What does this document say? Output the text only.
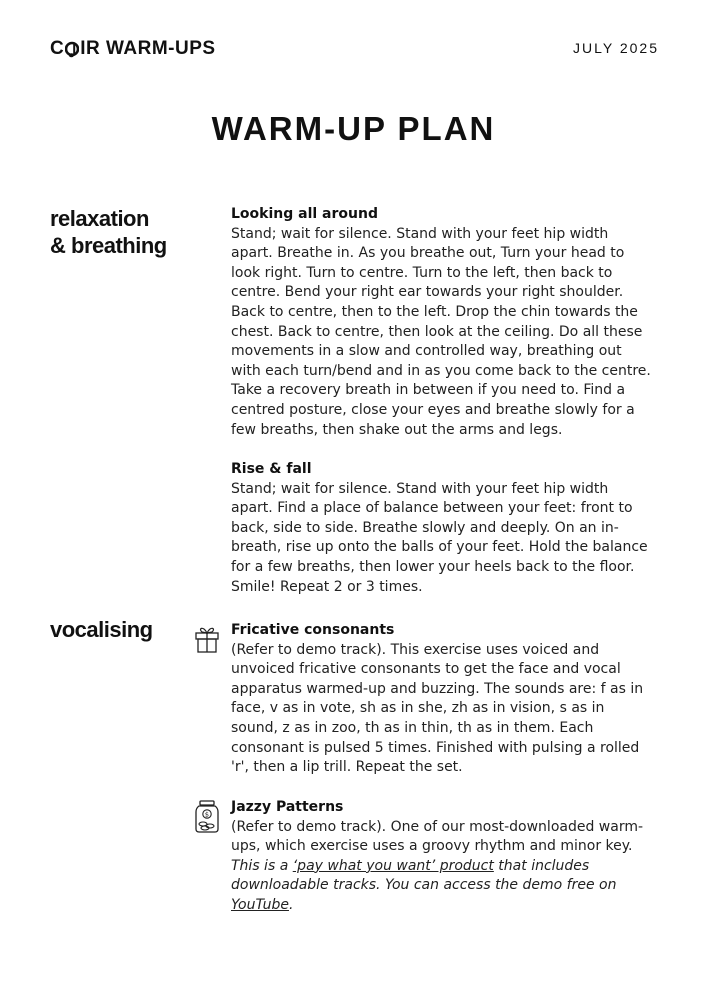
C IR WARM-UPS	JULY 2025
WARM-UP PLAN
relaxation
& breathing
Looking all around
Stand; wait for silence. Stand with your feet hip width apart. Breathe in. As you breathe out, Turn your head to look right. Turn to centre. Turn to the left, then back to centre. Bend your right ear towards your right shoulder. Back to centre, then to the left. Drop the chin towards the chest. Back to centre, then look at the ceiling. Do all these movements in a slow and controlled way, breathing out with each turn/bend and in as you come back to the centre. Take a recovery breath in between if you need to. Find a centred posture, close your eyes and breathe slowly for a few breaths, then shake out the arms and legs.
Rise & fall
Stand; wait for silence. Stand with your feet hip width apart. Find a place of balance between your feet: front to back, side to side. Breathe slowly and deeply. On an in-breath, rise up onto the balls of your feet. Hold the balance for a few breaths, then lower your heels back to the floor. Smile! Repeat 2 or 3 times.
vocalising	Fricative consonants
(Refer to demo track). This exercise uses voiced and unvoiced fricative consonants to get the face and vocal apparatus warmed-up and buzzing. The sounds are: f as in face, v as in vote, sh as in she, zh as in vision, s as in sound, z as in zoo, th as in thin, th as in them. Each consonant is pulsed 5 times. Finished with pulsing a rolled 'r', then a lip trill. Repeat the set.
$ Jazzy Patterns
(Refer to demo track). One of our most-downloaded warm-ups, which exercise uses a groovy rhythm and minor key.
This is a ‘pay what you want’ product that includes downloadable tracks. You can access the demo free on YouTube.
